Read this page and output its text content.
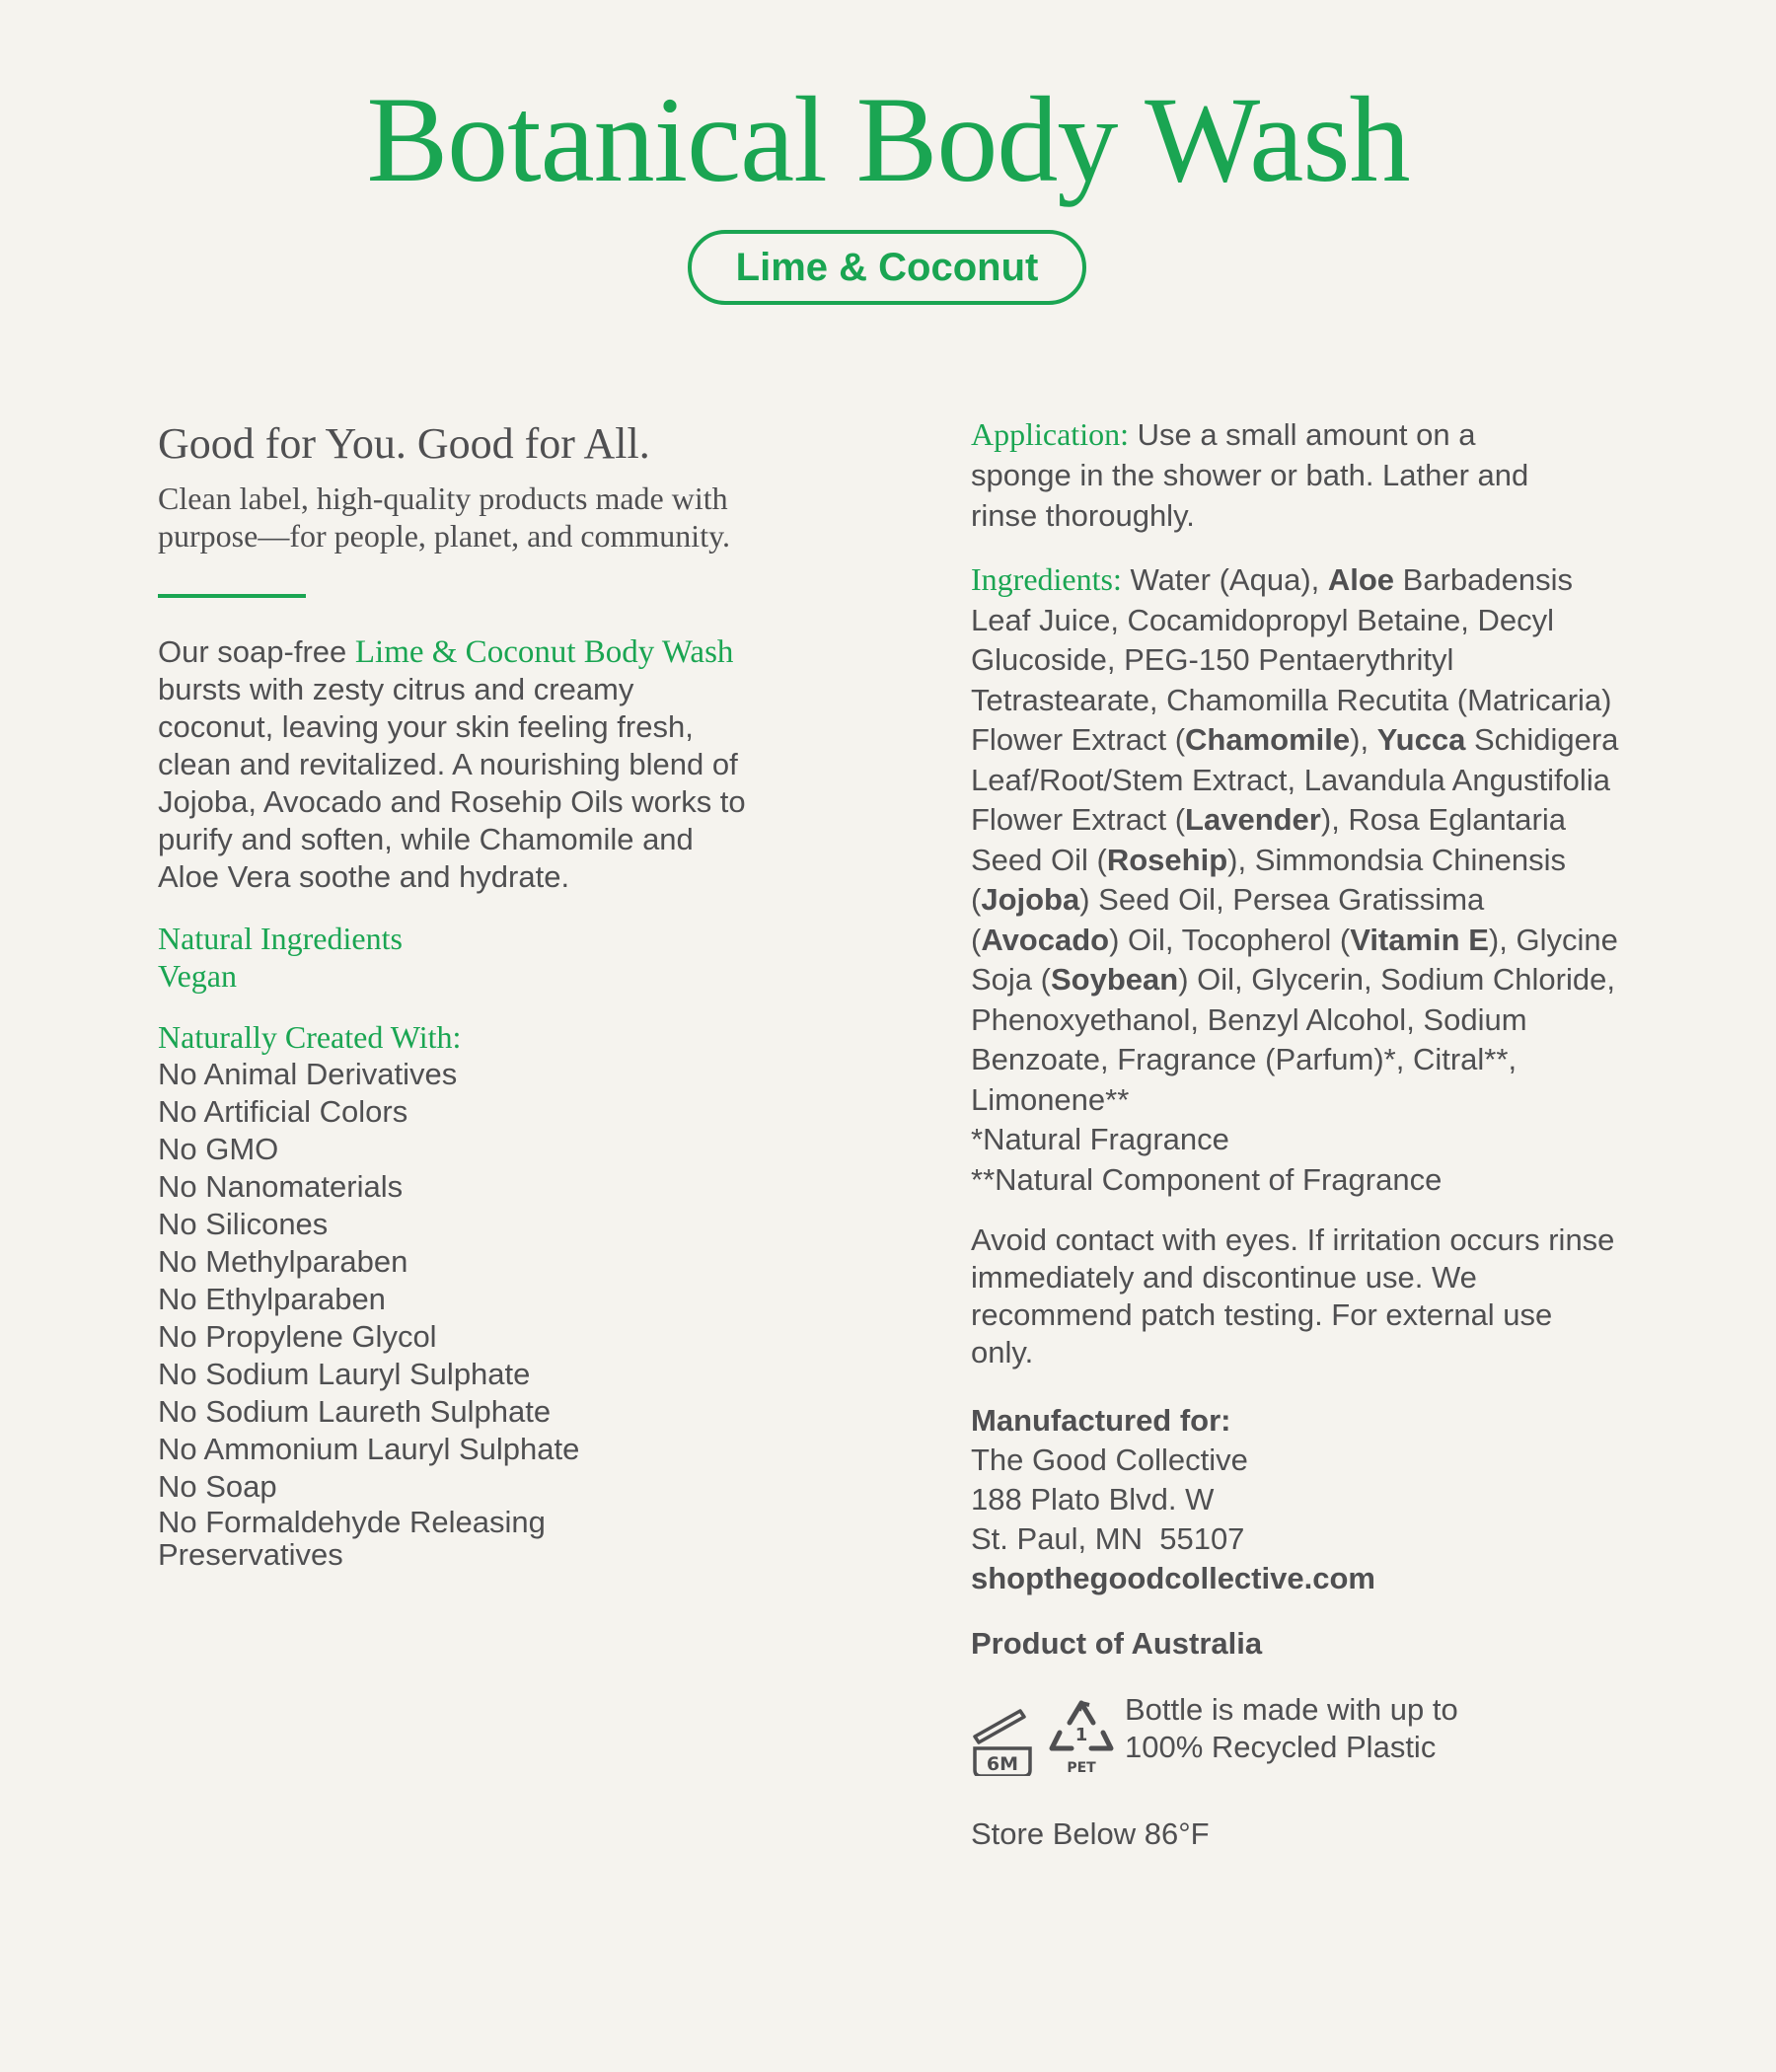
Botanical Body Wash
Lime & Coconut
Good for You. Good for All.

Clean label, high-quality products made with purpose—for people, planet, and community.

Our soap-free Lime & Coconut Body Wash bursts with zesty citrus and creamy coconut, leaving your skin feeling fresh, clean and revitalized. A nourishing blend of Jojoba, Avocado and Rosehip Oils works to purify and soften, while Chamomile and Aloe Vera soothe and hydrate.

Natural Ingredients

Vegan

Naturally Created With:

No Animal Derivatives
No Artificial Colors
No GMO
No Nanomaterials
No Silicones
No Methylparaben
No Ethylparaben
No Propylene Glycol
No Sodium Lauryl Sulphate
No Sodium Laureth Sulphate
No Ammonium Lauryl Sulphate
No Soap
No Formaldehyde Releasing Preservatives

Application: Use a small amount on a sponge in the shower or bath. Lather and rinse thoroughly.

Ingredients: Water (Aqua), Aloe Barbadensis Leaf Juice, Cocamidopropyl Betaine, Decyl Glucoside, PEG-150 Pentaerythrityl Tetrastearate, Chamomilla Recutita (Matricaria) Flower Extract (Chamomile), Yucca Schidigera Leaf/Root/Stem Extract, Lavandula Angustifolia Flower Extract (Lavender), Rosa Eglantaria Seed Oil (Rosehip), Simmondsia Chinensis (Jojoba) Seed Oil, Persea Gratissima (Avocado) Oil, Tocopherol (Vitamin E), Glycine Soja (Soybean) Oil, Glycerin, Sodium Chloride, Phenoxyethanol, Benzyl Alcohol, Sodium Benzoate, Fragrance (Parfum)*, Citral**, Limonene**

*Natural Fragrance

**Natural Component of Fragrance

Avoid contact with eyes. If irritation occurs rinse immediately and discontinue use. We recommend patch testing. For external use only.

Manufactured for:

The Good Collective

188 Plato Blvd. W

St. Paul, MN  55107

shopthegoodcollective.com

Product of Australia

6M
1
PET

Bottle is made with up to 100% Recycled Plastic

Store Below 86°F
